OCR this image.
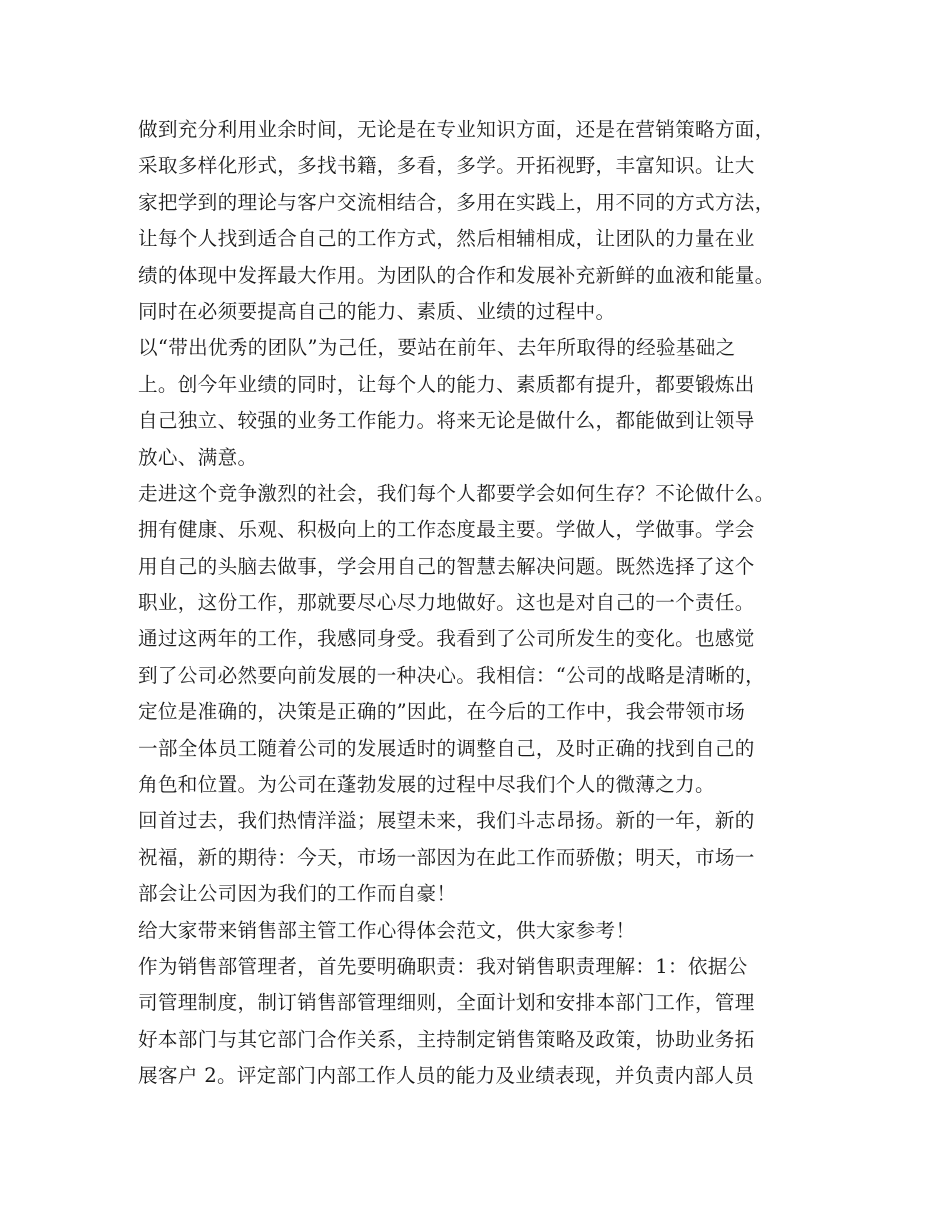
做到充分利用业余时间，无论是在专业知识方面，还是在营销策略方面，
采取多样化形式，多找书籍，多看，多学。开拓视野，丰富知识。让大
家把学到的理论与客户交流相结合，多用在实践上，用不同的方式方法，
让每个人找到适合自己的工作方式，然后相辅相成，让团队的力量在业
绩的体现中发挥最大作用。为团队的合作和发展补充新鲜的血液和能量。
同时在必须要提高自己的能力、素质、业绩的过程中。
以“带出优秀的团队”为己任，要站在前年、去年所取得的经验基础之
上。创今年业绩的同时，让每个人的能力、素质都有提升，都要锻炼出
自己独立、较强的业务工作能力。将来无论是做什么，都能做到让领导
放心、满意。
走进这个竞争激烈的社会，我们每个人都要学会如何生存？不论做什么。
拥有健康、乐观、积极向上的工作态度最主要。学做人，学做事。学会
用自己的头脑去做事，学会用自己的智慧去解决问题。既然选择了这个
职业，这份工作，那就要尽心尽力地做好。这也是对自己的一个责任。
通过这两年的工作，我感同身受。我看到了公司所发生的变化。也感觉
到了公司必然要向前发展的一种决心。我相信：“公司的战略是清晰的，
定位是准确的，决策是正确的”因此，在今后的工作中，我会带领市场
一部全体员工随着公司的发展适时的调整自己，及时正确的找到自己的
角色和位置。为公司在蓬勃发展的过程中尽我们个人的微薄之力。
回首过去，我们热情洋溢；展望未来，我们斗志昂扬。新的一年，新的
祝福，新的期待：今天，市场一部因为在此工作而骄傲；明天，市场一
部会让公司因为我们的工作而自豪！
给大家带来销售部主管工作心得体会范文，供大家参考！
作为销售部管理者，首先要明确职责：我对销售职责理解：1：依据公
司管理制度，制订销售部管理细则，全面计划和安排本部门工作，管理
好本部门与其它部门合作关系，主持制定销售策略及政策，协助业务拓
展客户 2。评定部门内部工作人员的能力及业绩表现，并负责内部人员
